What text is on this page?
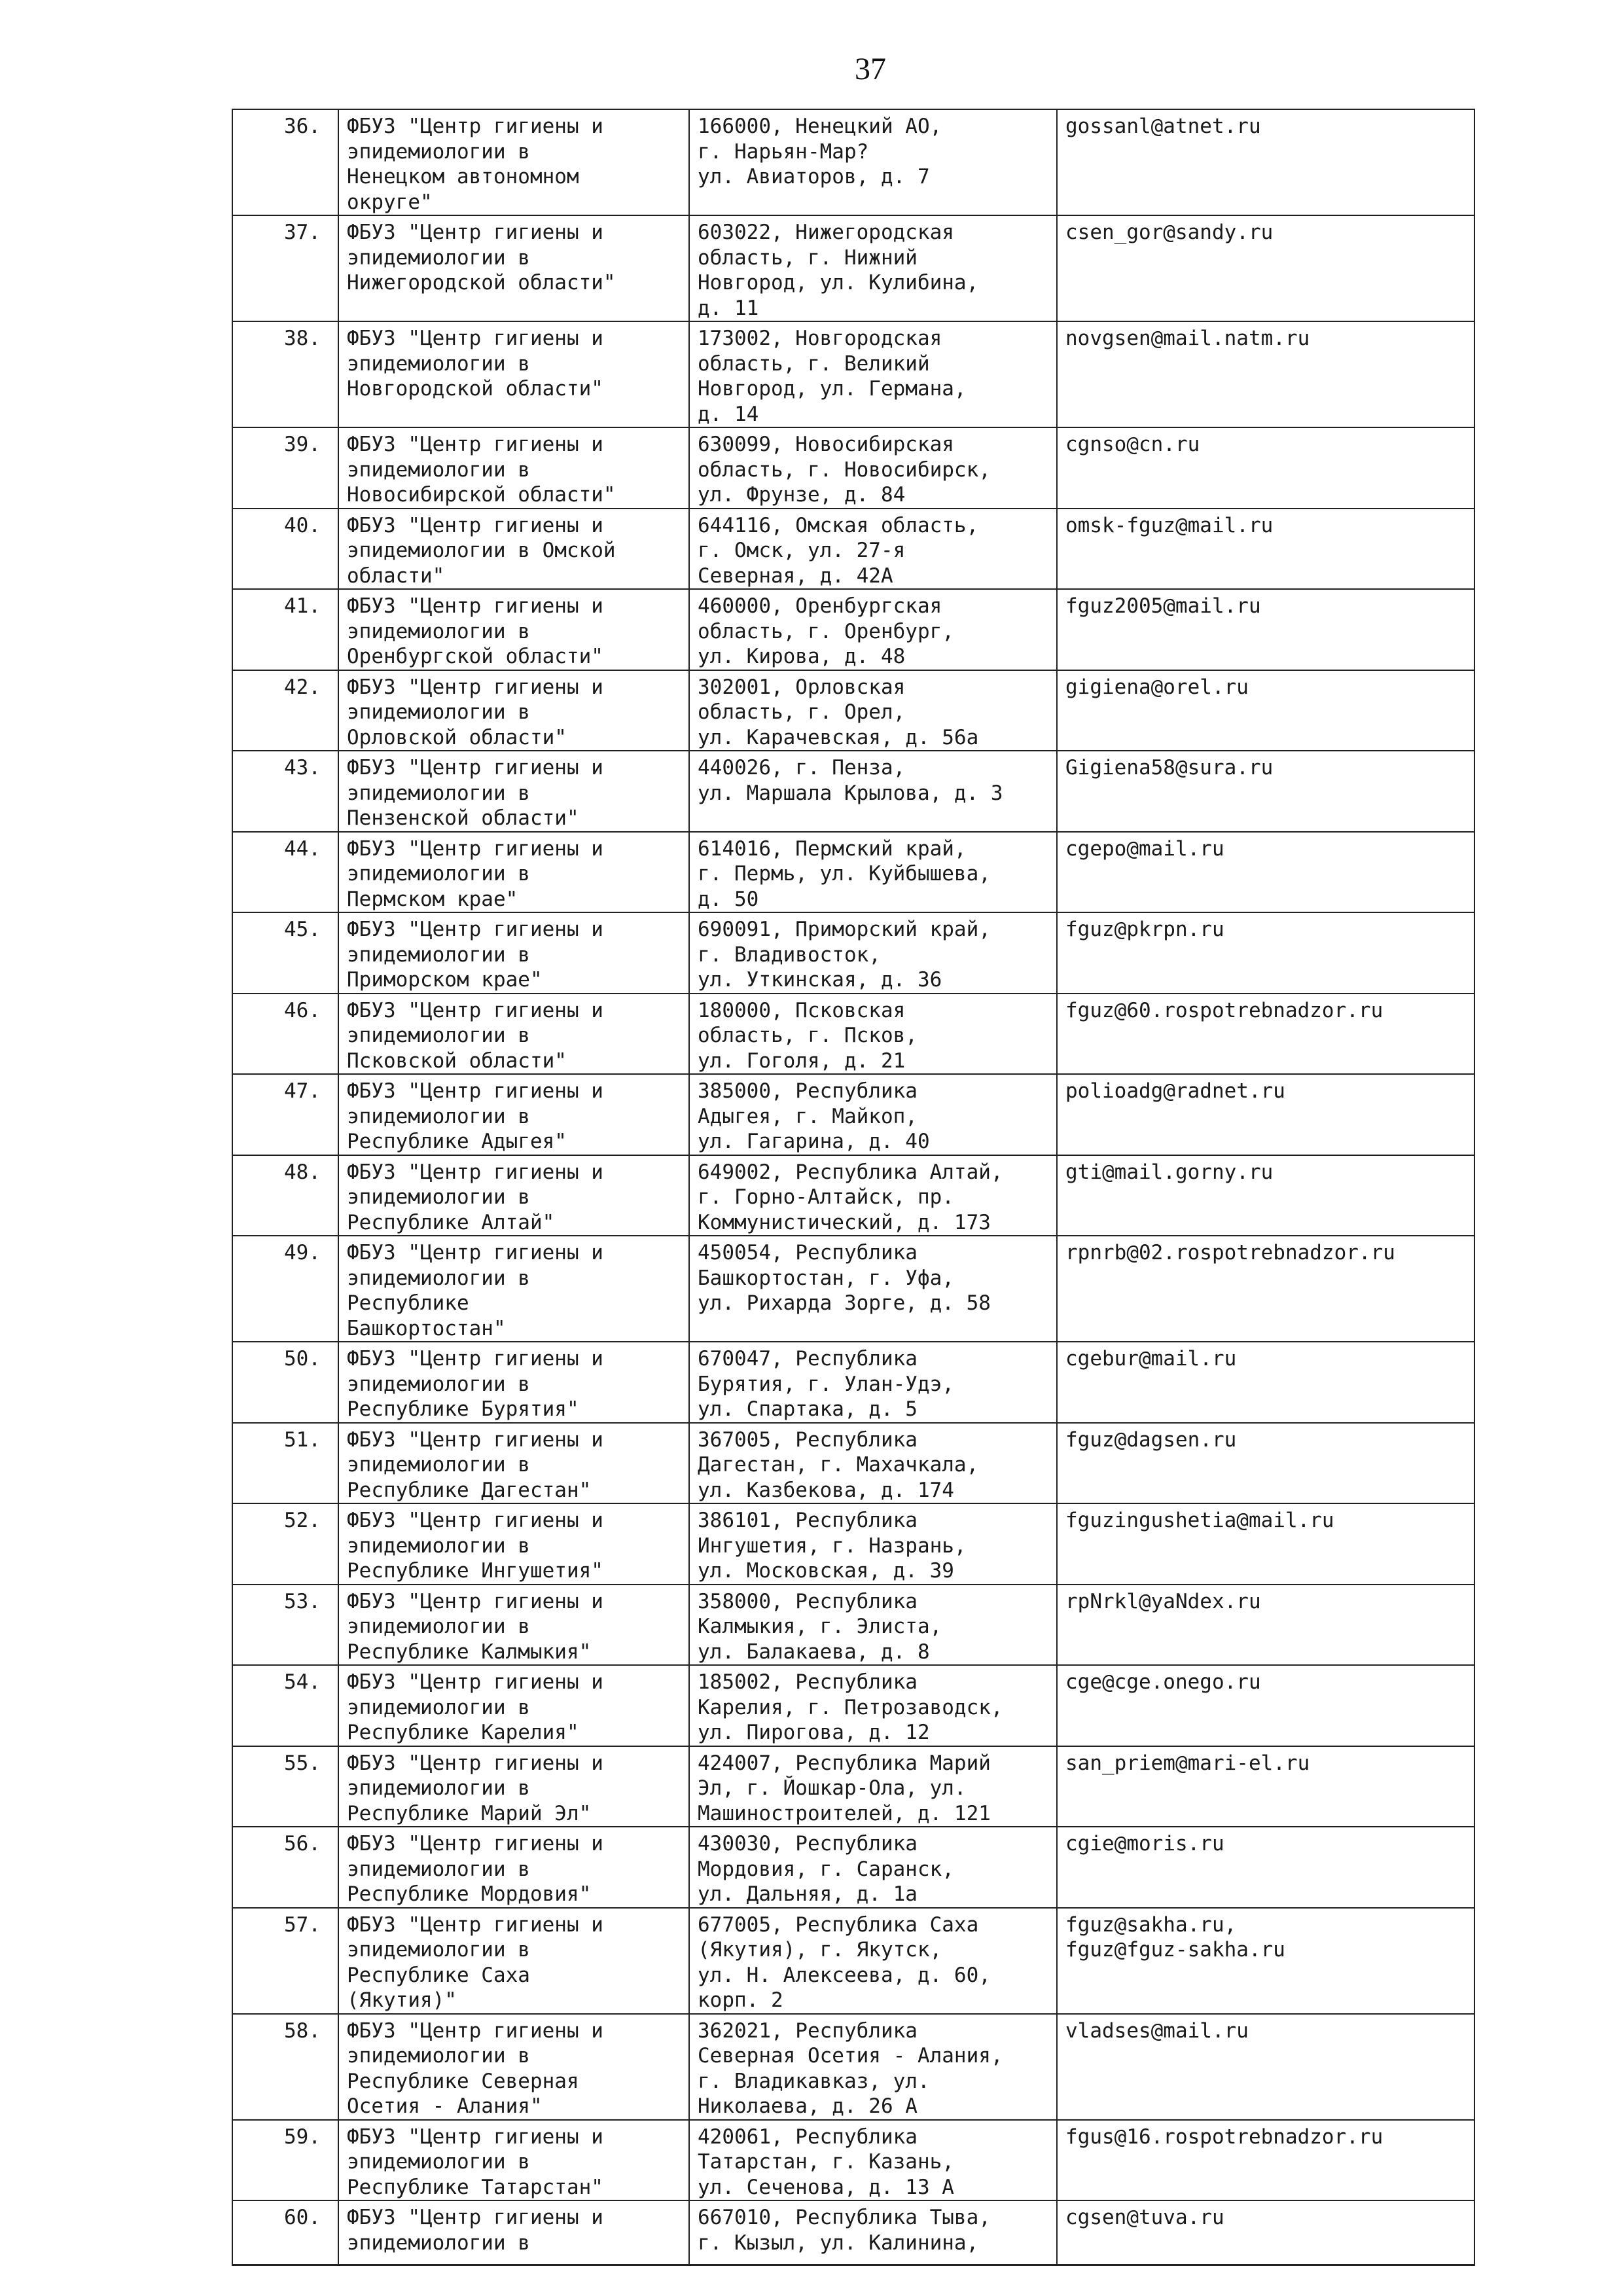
37
36.	ФБУЗ "Центр гигиены и
эпидемиологии в
Ненецком автономном
округе"	166000, Ненецкий АО,
г. Нарьян-Мар?
ул. Авиаторов, д. 7	gossanl@atnet.ru
37.	ФБУЗ "Центр гигиены и
эпидемиологии в
Нижегородской области"	603022, Нижегородская
область, г. Нижний
Новгород, ул. Кулибина,
д. 11	csen_gor@sandy.ru
38.	ФБУЗ "Центр гигиены и
эпидемиологии в
Новгородской области"	173002, Новгородская
область, г. Великий
Новгород, ул. Германа,
д. 14	novgsen@mail.natm.ru
39.	ФБУЗ "Центр гигиены и
эпидемиологии в
Новосибирской области"	630099, Новосибирская
область, г. Новосибирск,
ул. Фрунзе, д. 84	cgnso@cn.ru
40.	ФБУЗ "Центр гигиены и
эпидемиологии в Омской
области"	644116, Омская область,
г. Омск, ул. 27-я
Северная, д. 42А	omsk-fguz@mail.ru
41.	ФБУЗ "Центр гигиены и
эпидемиологии в
Оренбургской области"	460000, Оренбургская
область, г. Оренбург,
ул. Кирова, д. 48	fguz2005@mail.ru
42.	ФБУЗ "Центр гигиены и
эпидемиологии в
Орловской области"	302001, Орловская
область, г. Орел,
ул. Карачевская, д. 56а	gigiena@orel.ru
43.	ФБУЗ "Центр гигиены и
эпидемиологии в
Пензенской области"	440026, г. Пенза,
ул. Маршала Крылова, д. 3	Gigiena58@sura.ru
44.	ФБУЗ "Центр гигиены и
эпидемиологии в
Пермском крае"	614016, Пермский край,
г. Пермь, ул. Куйбышева,
д. 50	cgepo@mail.ru
45.	ФБУЗ "Центр гигиены и
эпидемиологии в
Приморском крае"	690091, Приморский край,
г. Владивосток,
ул. Уткинская, д. 36	fguz@pkrpn.ru
46.	ФБУЗ "Центр гигиены и
эпидемиологии в
Псковской области"	180000, Псковская
область, г. Псков,
ул. Гоголя, д. 21	fguz@60.rospotrebnadzor.ru
47.	ФБУЗ "Центр гигиены и
эпидемиологии в
Республике Адыгея"	385000, Республика
Адыгея, г. Майкоп,
ул. Гагарина, д. 40	polioadg@radnet.ru
48.	ФБУЗ "Центр гигиены и
эпидемиологии в
Республике Алтай"	649002, Республика Алтай,
г. Горно-Алтайск, пр.
Коммунистический, д. 173	gti@mail.gorny.ru
49.	ФБУЗ "Центр гигиены и
эпидемиологии в
Республике
Башкортостан"	450054, Республика
Башкортостан, г. Уфа,
ул. Рихарда Зорге, д. 58	rpnrb@02.rospotrebnadzor.ru
50.	ФБУЗ "Центр гигиены и
эпидемиологии в
Республике Бурятия"	670047, Республика
Бурятия, г. Улан-Удэ,
ул. Спартака, д. 5	cgebur@mail.ru
51.	ФБУЗ "Центр гигиены и
эпидемиологии в
Республике Дагестан"	367005, Республика
Дагестан, г. Махачкала,
ул. Казбекова, д. 174	fguz@dagsen.ru
52.	ФБУЗ "Центр гигиены и
эпидемиологии в
Республике Ингушетия"	386101, Республика
Ингушетия, г. Назрань,
ул. Московская, д. 39	fguzingushetia@mail.ru
53.	ФБУЗ "Центр гигиены и
эпидемиологии в
Республике Калмыкия"	358000, Республика
Калмыкия, г. Элиста,
ул. Балакаева, д. 8	rpNrkl@yaNdex.ru
54.	ФБУЗ "Центр гигиены и
эпидемиологии в
Республике Карелия"	185002, Республика
Карелия, г. Петрозаводск,
ул. Пирогова, д. 12	cge@cge.onego.ru
55.	ФБУЗ "Центр гигиены и
эпидемиологии в
Республике Марий Эл"	424007, Республика Марий
Эл, г. Йошкар-Ола, ул.
Машиностроителей, д. 121	san_priem@mari-el.ru
56.	ФБУЗ "Центр гигиены и
эпидемиологии в
Республике Мордовия"	430030, Республика
Мордовия, г. Саранск,
ул. Дальняя, д. 1а	cgie@moris.ru
57.	ФБУЗ "Центр гигиены и
эпидемиологии в
Республике Саха
(Якутия)"	677005, Республика Саха
(Якутия), г. Якутск,
ул. Н. Алексеева, д. 60,
корп. 2	fguz@sakha.ru,
fguz@fguz-sakha.ru
58.	ФБУЗ "Центр гигиены и
эпидемиологии в
Республике Северная
Осетия - Алания"	362021, Республика
Северная Осетия - Алания,
г. Владикавказ, ул.
Николаева, д. 26 А	vladses@mail.ru
59.	ФБУЗ "Центр гигиены и
эпидемиологии в
Республике Татарстан"	420061, Республика
Татарстан, г. Казань,
ул. Сеченова, д. 13 А	fgus@16.rospotrebnadzor.ru
60.	ФБУЗ "Центр гигиены и
эпидемиологии в	667010, Республика Тыва,
г. Кызыл, ул. Калинина,	cgsen@tuva.ru
